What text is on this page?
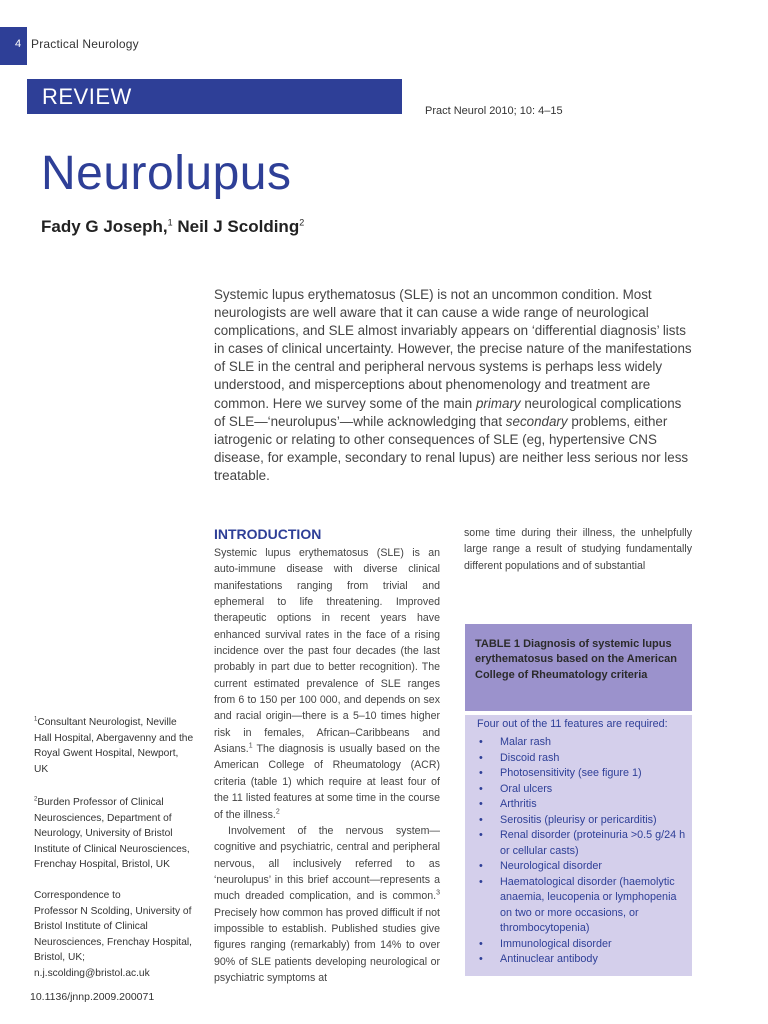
4 Practical Neurology
REVIEW
Pract Neurol 2010; 10: 4–15
Neurolupus
Fady G Joseph,$^1$ Neil J Scolding$^2$

Systemic lupus erythematosus (SLE) is not an uncommon condition. Most neurologists are well aware that it can cause a wide range of neurological complications, and SLE almost invariably appears on ‘differential diagnosis’ lists in cases of clinical uncertainty. However, the precise nature of the manifestations of SLE in the central and peripheral nervous systems is perhaps less widely understood, and misperceptions about phenomenology and treatment are common. Here we survey some of the main primary neurological complications of SLE—‘neurolupus’—while acknowledging that secondary problems, either iatrogenic or relating to other consequences of SLE (eg, hypertensive CNS disease, for example, secondary to renal lupus) are neither less serious nor less treatable.

INTRODUCTION

Systemic lupus erythematosus (SLE) is an auto-immune disease with diverse clinical manifestations ranging from trivial and ephemeral to life threatening. Improved therapeutic options in recent years have enhanced survival rates in the face of a rising incidence over the past four decades (the last probably in part due to better recognition). The current estimated prevalence of SLE ranges from 6 to 150 per 100 000, and depends on sex and racial origin—there is a 5–10 times higher risk in females, African–Caribbeans and Asians.$^1$ The diagnosis is usually based on the American College of Rheumatology (ACR) criteria (table 1) which require at least four of the 11 listed features at some time in the course of the illness.$^2$

Involvement of the nervous system—cognitive and psychiatric, central and peripheral nervous, all inclusively referred to as ‘neurolupus’ in this brief account—represents a much dreaded complication, and is common.$^3$ Precisely how common has proved difficult if not impossible to establish. Published studies give figures ranging (remarkably) from 14% to over 90% of SLE patients developing neurological or psychiatric symptoms at

some time during their illness, the unhelpfully large range a result of studying fundamentally different populations and of substantial

$^1$Consultant Neurologist, Neville Hall Hospital, Abergavenny and the Royal Gwent Hospital, Newport, UK

$^2$Burden Professor of Clinical Neurosciences, Department of Neurology, University of Bristol Institute of Clinical Neurosciences, Frenchay Hospital, Bristol, UK

Correspondence to
Professor N Scolding, University of Bristol Institute of Clinical Neurosciences, Frenchay Hospital, Bristol, UK; n.j.scolding@bristol.ac.uk

10.1136/jnnp.2009.200071

TABLE 1 Diagnosis of systemic lupus erythematosus based on the American College of Rheumatology criteria

Four out of the 11 features are required:
• Malar rash
• Discoid rash
• Photosensitivity (see figure 1)
• Oral ulcers
• Arthritis
• Serositis (pleurisy or pericarditis)
• Renal disorder (proteinuria >0.5 g/24 h or cellular casts)
• Neurological disorder
• Haematological disorder (haemolytic anaemia, leucopenia or lymphopenia on two or more occasions, or thrombocytopenia)
• Immunological disorder
• Antinuclear antibody
